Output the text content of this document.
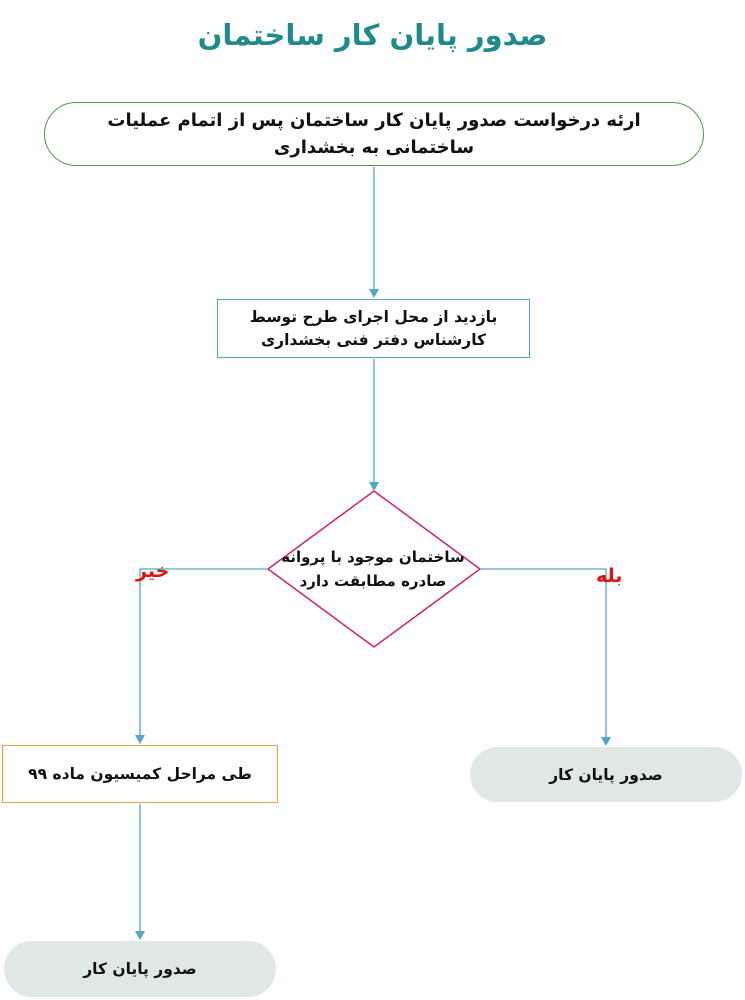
صدور پایان کار ساختمان
ارئه درخواست صدور پایان کار ساختمان پس از اتمام عملیات ساختمانی به بخشداری
بازدید از محل اجرای طرح توسط کارشناس دفتر فنی بخشداری
ساختمان موجود با پروانه صادره مطابقت دارد
خیر	بله
طی مراحل کمیسیون ماده ۹۹	صدور پایان کار
صدور پایان کار
